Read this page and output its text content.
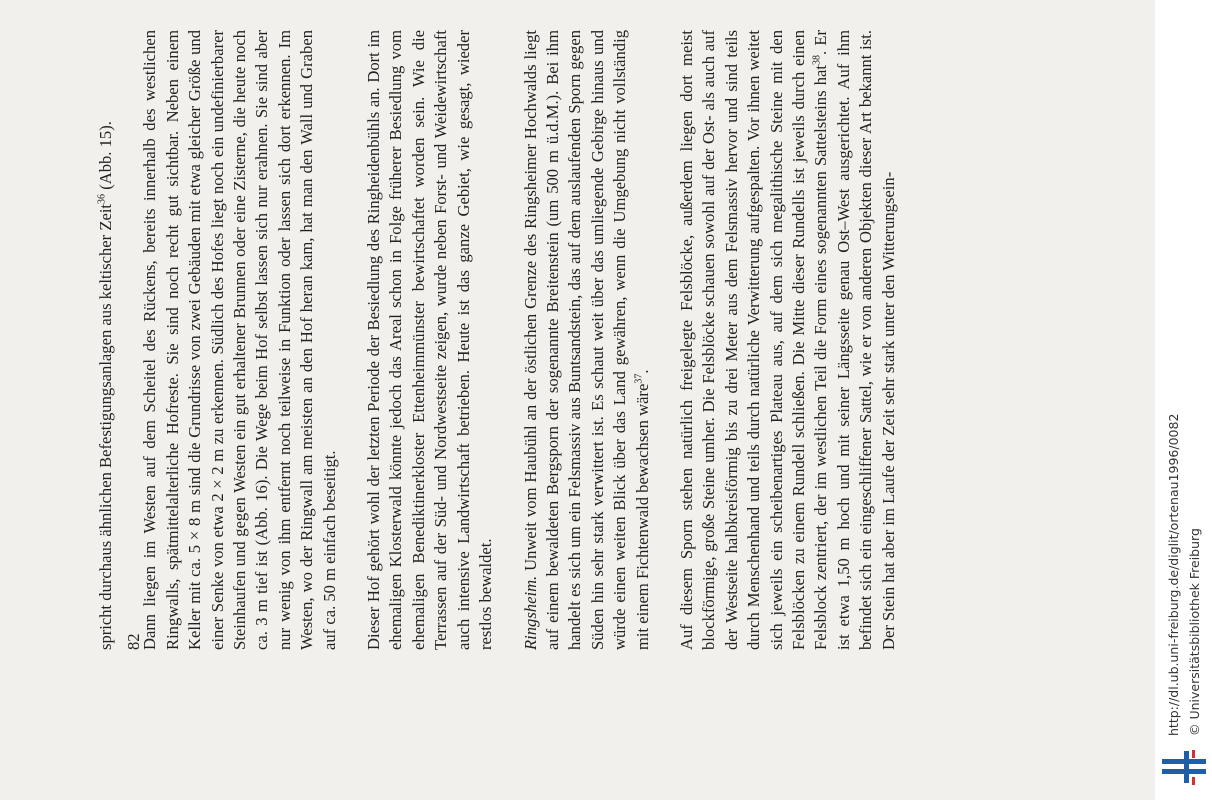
spricht durchaus ähnlichen Befestigungsanlagen aus keltischer Zeit$^{36}$ (Abb. 15). Dann liegen im Westen auf dem Scheitel des Rückens, bereits innerhalb des westlichen Ringwalls, spätmittelalterliche Hofreste. Sie sind noch recht gut sichtbar. Neben einem Keller mit ca. 5 × 8 m sind die Grundrisse von zwei Gebäuden mit etwa gleicher Größe und einer Senke von etwa 2 × 2 m zu erkennen. Südlich des Hofes liegt noch ein undefinierbarer Steinhaufen und gegen Westen ein gut erhaltener Brunnen oder eine Zisterne, die heute noch ca. 3 m tief ist (Abb. 16). Die Wege beim Hof selbst lassen sich nur erahnen. Sie sind aber nur wenig von ihm entfernt noch teilweise in Funktion oder lassen sich dort erkennen. Im Westen, wo der Ringwall am meisten an den Hof heran kam, hat man den Wall und Graben auf ca. 50 m einfach beseitigt. Dieser Hof gehört wohl der letzten Periode der Besiedlung des Ringheidenbühls an. Dort im ehemaligen Klosterwald könnte jedoch das Areal schon in Folge früherer Besiedlung vom ehemaligen Benediktinerkloster Ettenheimmünster bewirtschaftet worden sein. Wie die Terrassen auf der Süd- und Nordwestseite zeigen, wurde neben Forst- und Weidewirtschaft auch intensive Landwirtschaft betrieben. Heute ist das ganze Gebiet, wie gesagt, wieder restlos bewaldet. Ringsheim. Unweit vom Haubühl an der östlichen Grenze des Ringsheimer Hochwalds liegt auf einem bewaldeten Bergsporn der sogenannte Breitenstein (um 500 m ü.d.M.). Bei ihm handelt es sich um ein Felsmassiv aus Buntsandstein, das auf dem auslaufenden Sporn gegen Süden hin sehr stark verwittert ist. Es schaut weit über das umliegende Gebirge hinaus und würde einen weiten Blick über das Land gewähren, wenn die Umgebung nicht vollständig mit einem Fichtenwald bewachsen wäre$^{37}$. Auf diesem Sporn stehen natürlich freigelegte Felsblöcke, außerdem liegen dort meist blockförmige, große Steine umher. Die Felsblöcke schauen sowohl auf der Ost- als auch auf der Westseite halbkreisförmig bis zu drei Meter aus dem Felsmassiv hervor und sind teils durch Menschenhand und teils durch natürliche Verwitterung aufgespalten. Vor ihnen weitet sich jeweils ein scheibenartiges Plateau aus, auf dem sich megalithische Steine mit den Felsblöcken zu einem Rundell schließen. Die Mitte dieser Rundells ist jeweils durch einen Felsblock zentriert, der im westlichen Teil die Form eines sogenannten Sattelsteins hat$^{38}$. Er ist etwa 1,50 m hoch und mit seiner Längsseite genau Ost–West ausgerichtet. Auf ihm befindet sich ein eingeschliffener Sattel, wie er von anderen Objekten dieser Art bekannt ist. Der Stein hat aber im Laufe der Zeit sehr stark unter den Witterungsein-

82	http://dl.ub.uni-freiburg.de/diglit/ortenau1996/0082 © Universitätsbibliothek Freiburg
